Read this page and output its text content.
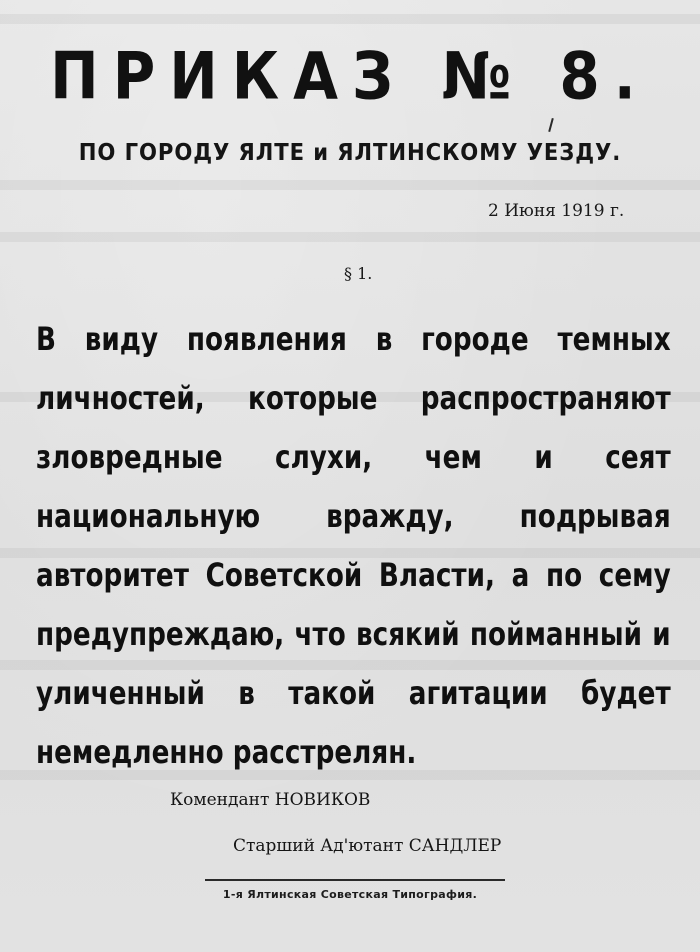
ПРИКАЗ № 8.
ПО ГОРОДУ ЯЛТЕ и ЯЛТИНСКОМУ УЕЗДУ.
2 Июня 1919 г.
§ 1.
В виду появления в городе темных личностей, которые распространяют зловредные слухи, чем и сеят национальную вражду, подрывая авторитет Советской Власти, а по сему предупреждаю, что всякий пойманный и уличенный в такой агитации будет немедленно расстрелян.
Комендант НОВИКОВ
Старший Ад'ютант САНДЛЕР
1-я Ялтинская Советская Типография.
